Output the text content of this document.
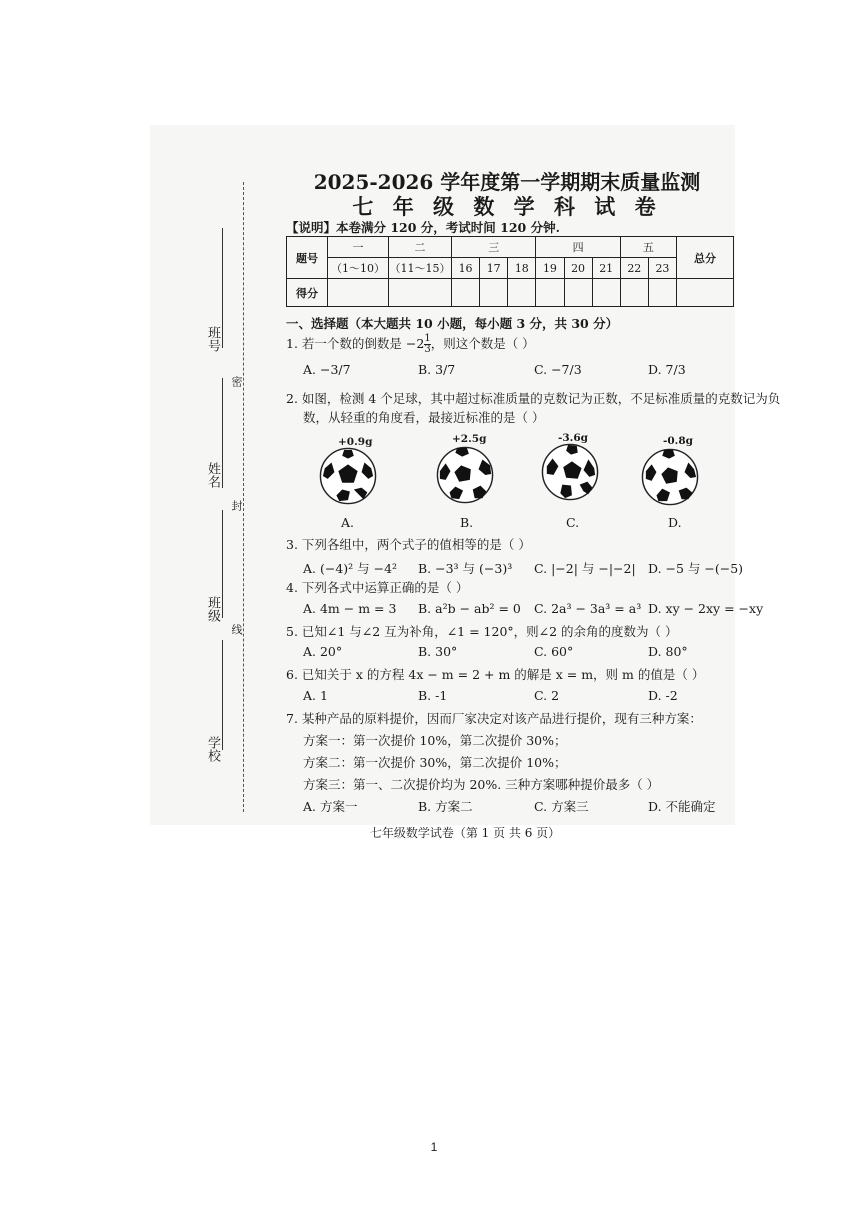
班号
姓名
班级
学校
密
封
线
2025-2026 学年度第一学期期末质量监测
七 年 级 数 学 科 试 卷
【说明】本卷满分 120 分，考试时间 120 分钟.
题号	一	二	三			四			五		总分
	（1～10）	（11～15）	16	17	18	19	20	21	22	23	
得分											
一、选择题（本大题共 10 小题，每小题 3 分，共 30 分）
1. 若一个数的倒数是 $-2 \frac{1}{3}$ ，则这个数是（ ）
A. −3/7	B. 3/7	C. −7/3	D. 7/3
2. 如图，检测 4 个足球，其中超过标准质量的克数记为正数，不足标准质量的克数记为负
数，从轻重的角度看，最接近标准的是（ ）
+0.9g	+2.5g	-3.6g	-0.8g
A.	B.	C.	D.
3. 下列各组中，两个式子的值相等的是（ ）
A. (−4)² 与 −4² B. −3³ 与 (−3)³ C. |−2| 与 −|−2| D. −5 与 −(−5)
4. 下列各式中运算正确的是（ ）
A. 4m − m = 3 B. a²b − ab² = 0 C. 2a³ − 3a³ = a³ D. xy − 2xy = −xy
5. 已知∠1 与∠2 互为补角，∠1 = 120°，则∠2 的余角的度数为（ ）
A. 20°	B. 30°	C. 60°	D. 80°
6. 已知关于 x 的方程 4x − m = 2 + m 的解是 x = m，则 m 的值是（ ）
A. 1	B. -1	C. 2	D. -2
7. 某种产品的原料提价，因而厂家决定对该产品进行提价，现有三种方案：
方案一：第一次提价 10%，第二次提价 30%；
方案二：第一次提价 30%，第二次提价 10%；
方案三：第一、二次提价均为 20%. 三种方案哪种提价最多（ ）
A. 方案一	B. 方案二	C. 方案三	D. 不能确定
七年级数学试卷（第 1 页 共 6 页）
1
